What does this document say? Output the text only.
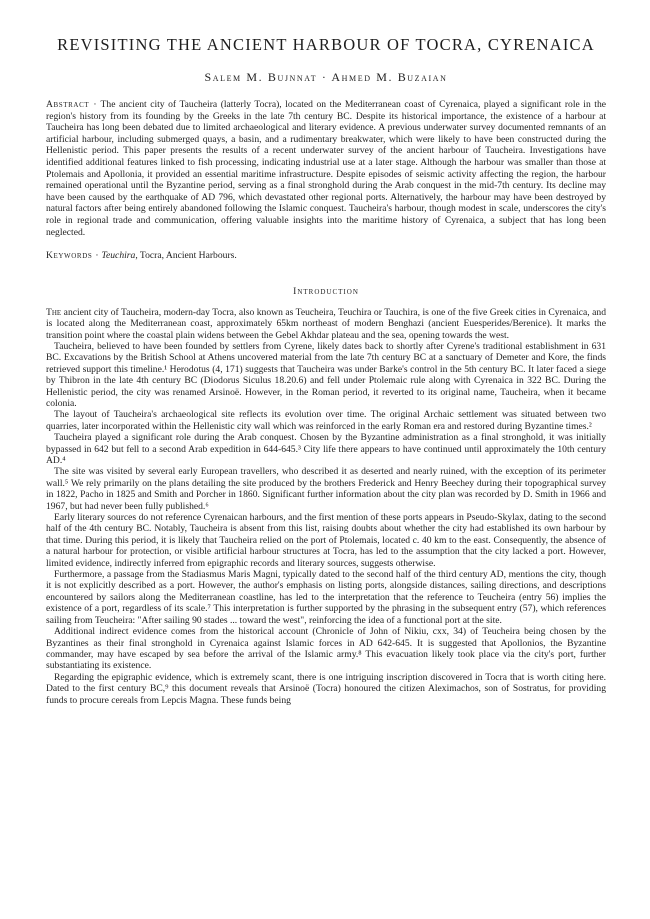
REVISITING THE ANCIENT HARBOUR OF TOCRA, CYRENAICA
Salem M. Bujnnat · Ahmed M. Buzaian

Abstract · The ancient city of Taucheira (latterly Tocra), located on the Mediterranean coast of Cyrenaica, played a significant role in the region's history from its founding by the Greeks in the late 7th century BC. Despite its historical importance, the existence of a harbour at Taucheira has long been debated due to limited archaeological and literary evidence. A previous underwater survey documented remnants of an artificial harbour, including submerged quays, a basin, and a rudimentary breakwater, which were likely to have been constructed during the Hellenistic period. This paper presents the results of a recent underwater survey of the ancient harbour of Taucheira. Investigations have identified additional features linked to fish processing, indicating industrial use at a later stage. Although the harbour was smaller than those at Ptolemais and Apollonia, it provided an essential maritime infrastructure. Despite episodes of seismic activity affecting the region, the harbour remained operational until the Byzantine period, serving as a final stronghold during the Arab conquest in the mid-7th century. Its decline may have been caused by the earthquake of AD 796, which devastated other regional ports. Alternatively, the harbour may have been destroyed by natural factors after being entirely abandoned following the Islamic conquest. Taucheira's harbour, though modest in scale, underscores the city's role in regional trade and communication, offering valuable insights into the maritime history of Cyrenaica, a subject that has long been neglected.

Keywords · Teuchira, Tocra, Ancient Harbours.

Introduction

The ancient city of Taucheira, modern-day Tocra, also known as Teucheira, Teuchira or Tauchira, is one of the five Greek cities in Cyrenaica, and is located along the Mediterranean coast, approximately 65km northeast of modern Benghazi (ancient Euesperides/Berenice). It marks the transition point where the coastal plain widens between the Gebel Akhdar plateau and the sea, opening towards the west.

Taucheira, believed to have been founded by settlers from Cyrene, likely dates back to shortly after Cyrene's traditional establishment in 631 BC. Excavations by the British School at Athens uncovered material from the late 7th century BC at a sanctuary of Demeter and Kore, the finds retrieved support this timeline.¹ Herodotus (4, 171) suggests that Taucheira was under Barke's control in the 5th century BC. It later faced a siege by Thibron in the late 4th century BC (Diodorus Siculus 18.20.6) and fell under Ptolemaic rule along with Cyrenaica in 322 BC. During the Hellenistic period, the city was renamed Arsinoë. However, in the Roman period, it reverted to its original name, Taucheira, when it became colonia.

The layout of Taucheira's archaeological site reflects its evolution over time. The original Archaic settlement was situated between two quarries, later incorporated within the Hellenistic city wall which was reinforced in the early Roman era and restored during Byzantine times.²

Taucheira played a significant role during the Arab conquest. Chosen by the Byzantine administration as a final stronghold, it was initially bypassed in 642 but fell to a second Arab expedition in 644-645.³ City life there appears to have continued until approximately the 10th century AD.⁴

The site was visited by several early European travellers, who described it as deserted and nearly ruined, with the exception of its perimeter wall.⁵ We rely primarily on the plans detailing the site produced by the brothers Frederick and Henry Beechey during their topographical survey in 1822, Pacho in 1825 and Smith and Porcher in 1860. Significant further information about the city plan was recorded by D. Smith in 1966 and 1967, but had never been fully published.⁶

Early literary sources do not reference Cyrenaican harbours, and the first mention of these ports appears in Pseudo-Skylax, dating to the second half of the 4th century BC. Notably, Taucheira is absent from this list, raising doubts about whether the city had established its own harbour by that time. During this period, it is likely that Taucheira relied on the port of Ptolemais, located c. 40 km to the east. Consequently, the absence of a natural harbour for protection, or visible artificial harbour structures at Tocra, has led to the assumption that the city lacked a port. However, limited evidence, indirectly inferred from epigraphic records and literary sources, suggests otherwise.

Furthermore, a passage from the Stadiasmus Maris Magni, typically dated to the second half of the third century AD, mentions the city, though it is not explicitly described as a port. However, the author's emphasis on listing ports, alongside distances, sailing directions, and descriptions encountered by sailors along the Mediterranean coastline, has led to the interpretation that the reference to Teucheira (entry 56) implies the existence of a port, regardless of its scale.⁷ This interpretation is further supported by the phrasing in the subsequent entry (57), which references sailing from Teucheira: "After sailing 90 stades ... toward the west", reinforcing the idea of a functional port at the site.

Additional indirect evidence comes from the historical account (Chronicle of John of Nikiu, cxx, 34) of Teucheira being chosen by the Byzantines as their final stronghold in Cyrenaica against Islamic forces in AD 642-645. It is suggested that Apollonios, the Byzantine commander, may have escaped by sea before the arrival of the Islamic army.⁸ This evacuation likely took place via the city's port, further substantiating its existence.

Regarding the epigraphic evidence, which is extremely scant, there is one intriguing inscription discovered in Tocra that is worth citing here. Dated to the first century BC,⁹ this document reveals that Arsinoë (Tocra) honoured the citizen Aleximachos, son of Sostratus, for providing funds to procure cereals from Lepcis Magna. These funds being
